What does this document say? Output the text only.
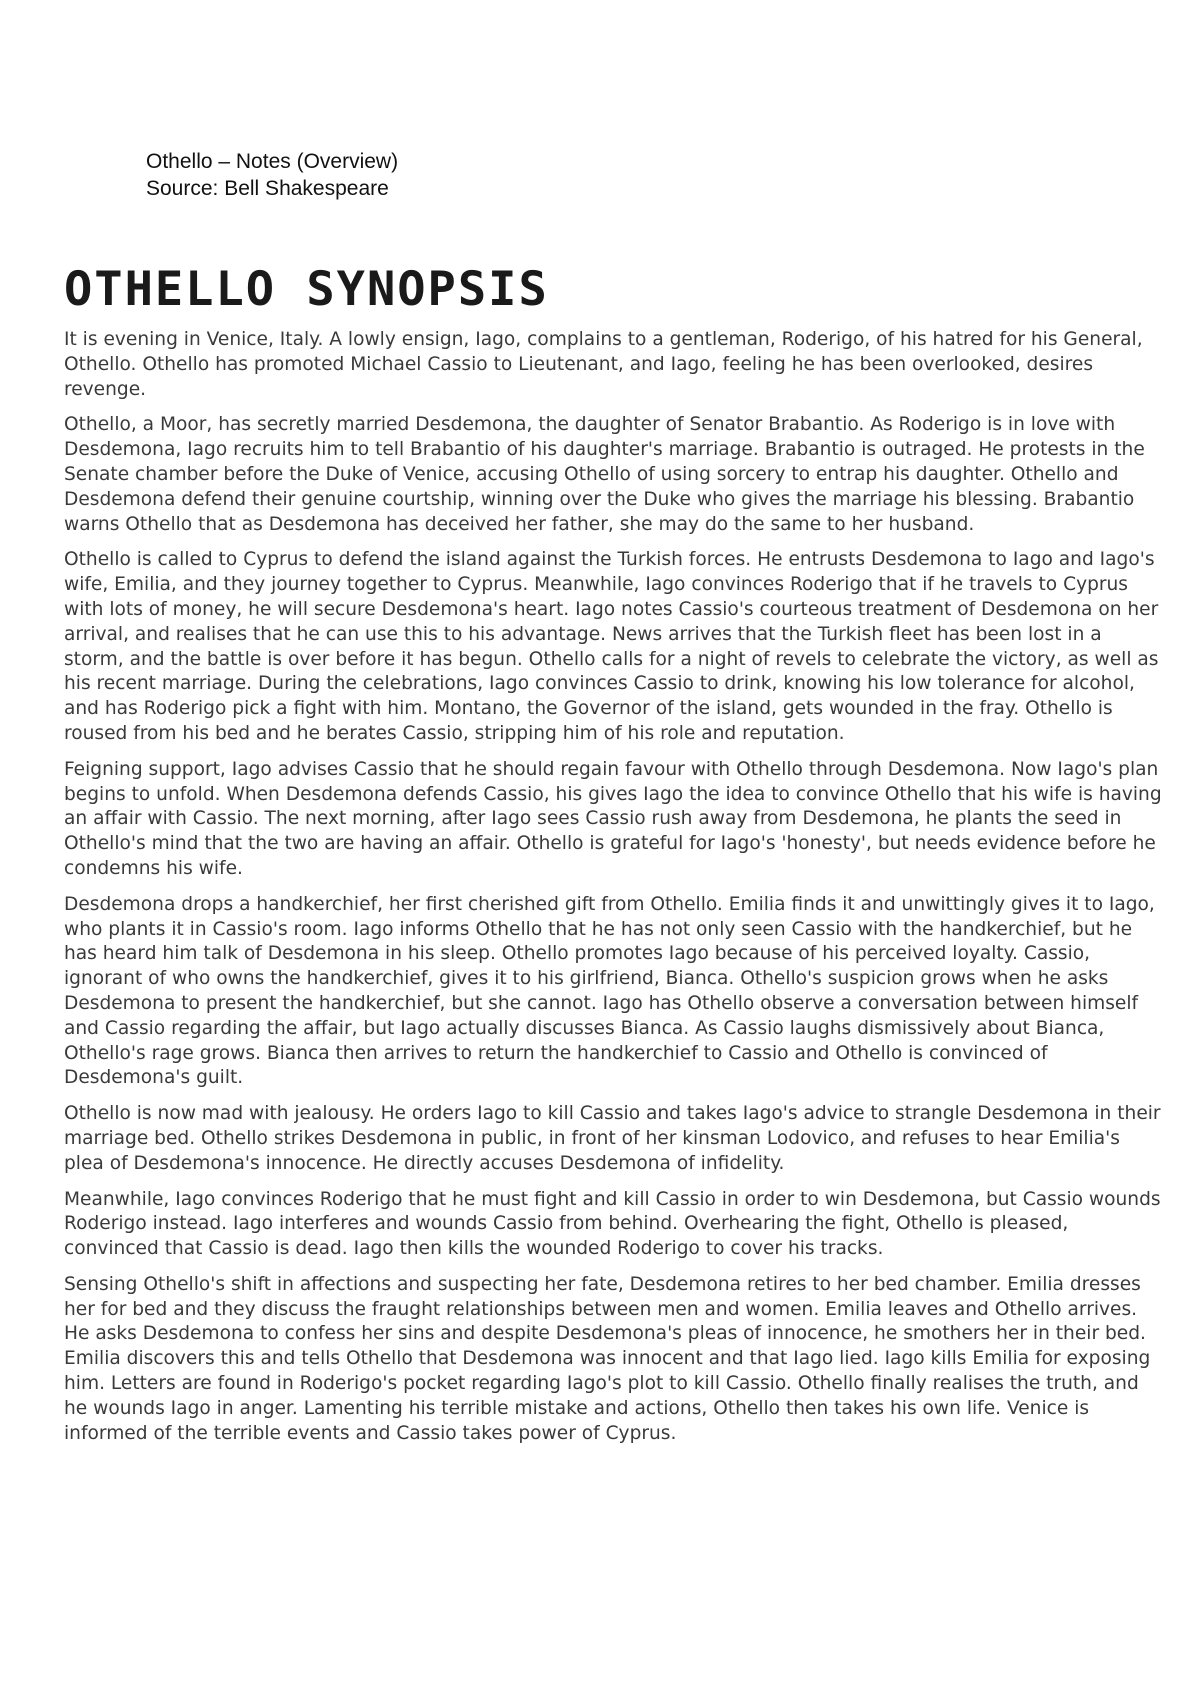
Othello – Notes (Overview)
Source: Bell Shakespeare
OTHELLO SYNOPSIS

It is evening in Venice, Italy. A lowly ensign, Iago, complains to a gentleman, Roderigo, of his hatred for his General, Othello. Othello has promoted Michael Cassio to Lieutenant, and Iago, feeling he has been overlooked, desires revenge.

Othello, a Moor, has secretly married Desdemona, the daughter of Senator Brabantio. As Roderigo is in love with Desdemona, Iago recruits him to tell Brabantio of his daughter's marriage. Brabantio is outraged. He protests in the Senate chamber before the Duke of Venice, accusing Othello of using sorcery to entrap his daughter. Othello and Desdemona defend their genuine courtship, winning over the Duke who gives the marriage his blessing. Brabantio warns Othello that as Desdemona has deceived her father, she may do the same to her husband.

Othello is called to Cyprus to defend the island against the Turkish forces. He entrusts Desdemona to Iago and Iago's wife, Emilia, and they journey together to Cyprus. Meanwhile, Iago convinces Roderigo that if he travels to Cyprus with lots of money, he will secure Desdemona's heart. Iago notes Cassio's courteous treatment of Desdemona on her arrival, and realises that he can use this to his advantage. News arrives that the Turkish fleet has been lost in a storm, and the battle is over before it has begun. Othello calls for a night of revels to celebrate the victory, as well as his recent marriage. During the celebrations, Iago convinces Cassio to drink, knowing his low tolerance for alcohol, and has Roderigo pick a fight with him. Montano, the Governor of the island, gets wounded in the fray. Othello is roused from his bed and he berates Cassio, stripping him of his role and reputation.

Feigning support, Iago advises Cassio that he should regain favour with Othello through Desdemona. Now Iago's plan begins to unfold. When Desdemona defends Cassio, his gives Iago the idea to convince Othello that his wife is having an affair with Cassio. The next morning, after Iago sees Cassio rush away from Desdemona, he plants the seed in Othello's mind that the two are having an affair. Othello is grateful for Iago's 'honesty', but needs evidence before he condemns his wife.

Desdemona drops a handkerchief, her first cherished gift from Othello. Emilia finds it and unwittingly gives it to Iago, who plants it in Cassio's room. Iago informs Othello that he has not only seen Cassio with the handkerchief, but he has heard him talk of Desdemona in his sleep. Othello promotes Iago because of his perceived loyalty. Cassio, ignorant of who owns the handkerchief, gives it to his girlfriend, Bianca. Othello's suspicion grows when he asks Desdemona to present the handkerchief, but she cannot. Iago has Othello observe a conversation between himself and Cassio regarding the affair, but Iago actually discusses Bianca. As Cassio laughs dismissively about Bianca, Othello's rage grows. Bianca then arrives to return the handkerchief to Cassio and Othello is convinced of Desdemona's guilt.

Othello is now mad with jealousy. He orders Iago to kill Cassio and takes Iago's advice to strangle Desdemona in their marriage bed. Othello strikes Desdemona in public, in front of her kinsman Lodovico, and refuses to hear Emilia's plea of Desdemona's innocence. He directly accuses Desdemona of infidelity.

Meanwhile, Iago convinces Roderigo that he must fight and kill Cassio in order to win Desdemona, but Cassio wounds Roderigo instead. Iago interferes and wounds Cassio from behind. Overhearing the fight, Othello is pleased, convinced that Cassio is dead. Iago then kills the wounded Roderigo to cover his tracks.

Sensing Othello's shift in affections and suspecting her fate, Desdemona retires to her bed chamber. Emilia dresses her for bed and they discuss the fraught relationships between men and women. Emilia leaves and Othello arrives. He asks Desdemona to confess her sins and despite Desdemona's pleas of innocence, he smothers her in their bed. Emilia discovers this and tells Othello that Desdemona was innocent and that Iago lied. Iago kills Emilia for exposing him. Letters are found in Roderigo's pocket regarding Iago's plot to kill Cassio. Othello finally realises the truth, and he wounds Iago in anger. Lamenting his terrible mistake and actions, Othello then takes his own life. Venice is informed of the terrible events and Cassio takes power of Cyprus.
